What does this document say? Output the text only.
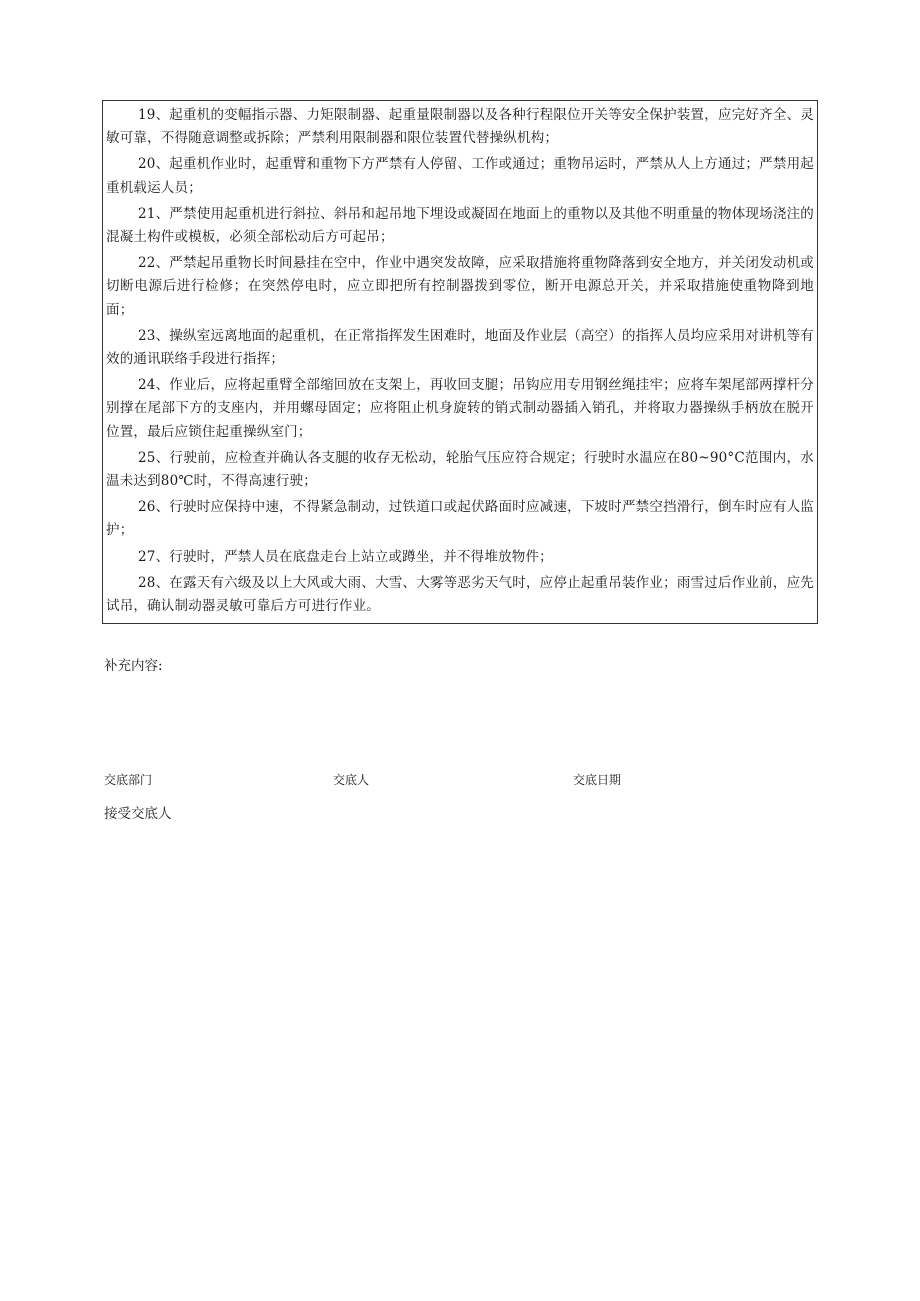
19、起重机的变幅指示器、力矩限制器、起重量限制器以及各种行程限位开关等安全保护装置，应完好齐全、灵敏可靠，不得随意调整或拆除；严禁利用限制器和限位装置代替操纵机构；

20、起重机作业时，起重臂和重物下方严禁有人停留、工作或通过；重物吊运时，严禁从人上方通过；严禁用起重机载运人员；

21、严禁使用起重机进行斜拉、斜吊和起吊地下埋设或凝固在地面上的重物以及其他不明重量的物体现场浇注的混凝土构件或模板，必须全部松动后方可起吊；

22、严禁起吊重物长时间悬挂在空中，作业中遇突发故障，应采取措施将重物降落到安全地方，并关闭发动机或切断电源后进行检修；在突然停电时，应立即把所有控制器拨到零位，断开电源总开关，并采取措施使重物降到地面；

23、操纵室远离地面的起重机，在正常指挥发生困难时，地面及作业层（高空）的指挥人员均应采用对讲机等有效的通讯联络手段进行指挥；

24、作业后，应将起重臂全部缩回放在支架上，再收回支腿；吊钩应用专用钢丝绳挂牢；应将车架尾部两撑杆分别撑在尾部下方的支座内，并用螺母固定；应将阻止机身旋转的销式制动器插入销孔，并将取力器操纵手柄放在脱开位置，最后应锁住起重操纵室门；

25、行驶前，应检查并确认各支腿的收存无松动，轮胎气压应符合规定；行驶时水温应在80~90°C范围内，水温未达到80℃时，不得高速行驶；

26、行驶时应保持中速，不得紧急制动，过铁道口或起伏路面时应减速，下坡时严禁空挡滑行，倒车时应有人监护；

27、行驶时，严禁人员在底盘走台上站立或蹲坐，并不得堆放物件；

28、在露天有六级及以上大风或大雨、大雪、大雾等恶劣天气时，应停止起重吊装作业；雨雪过后作业前，应先试吊，确认制动器灵敏可靠后方可进行作业。

补充内容:
交底部门	交底人	交底日期
接受交底人
